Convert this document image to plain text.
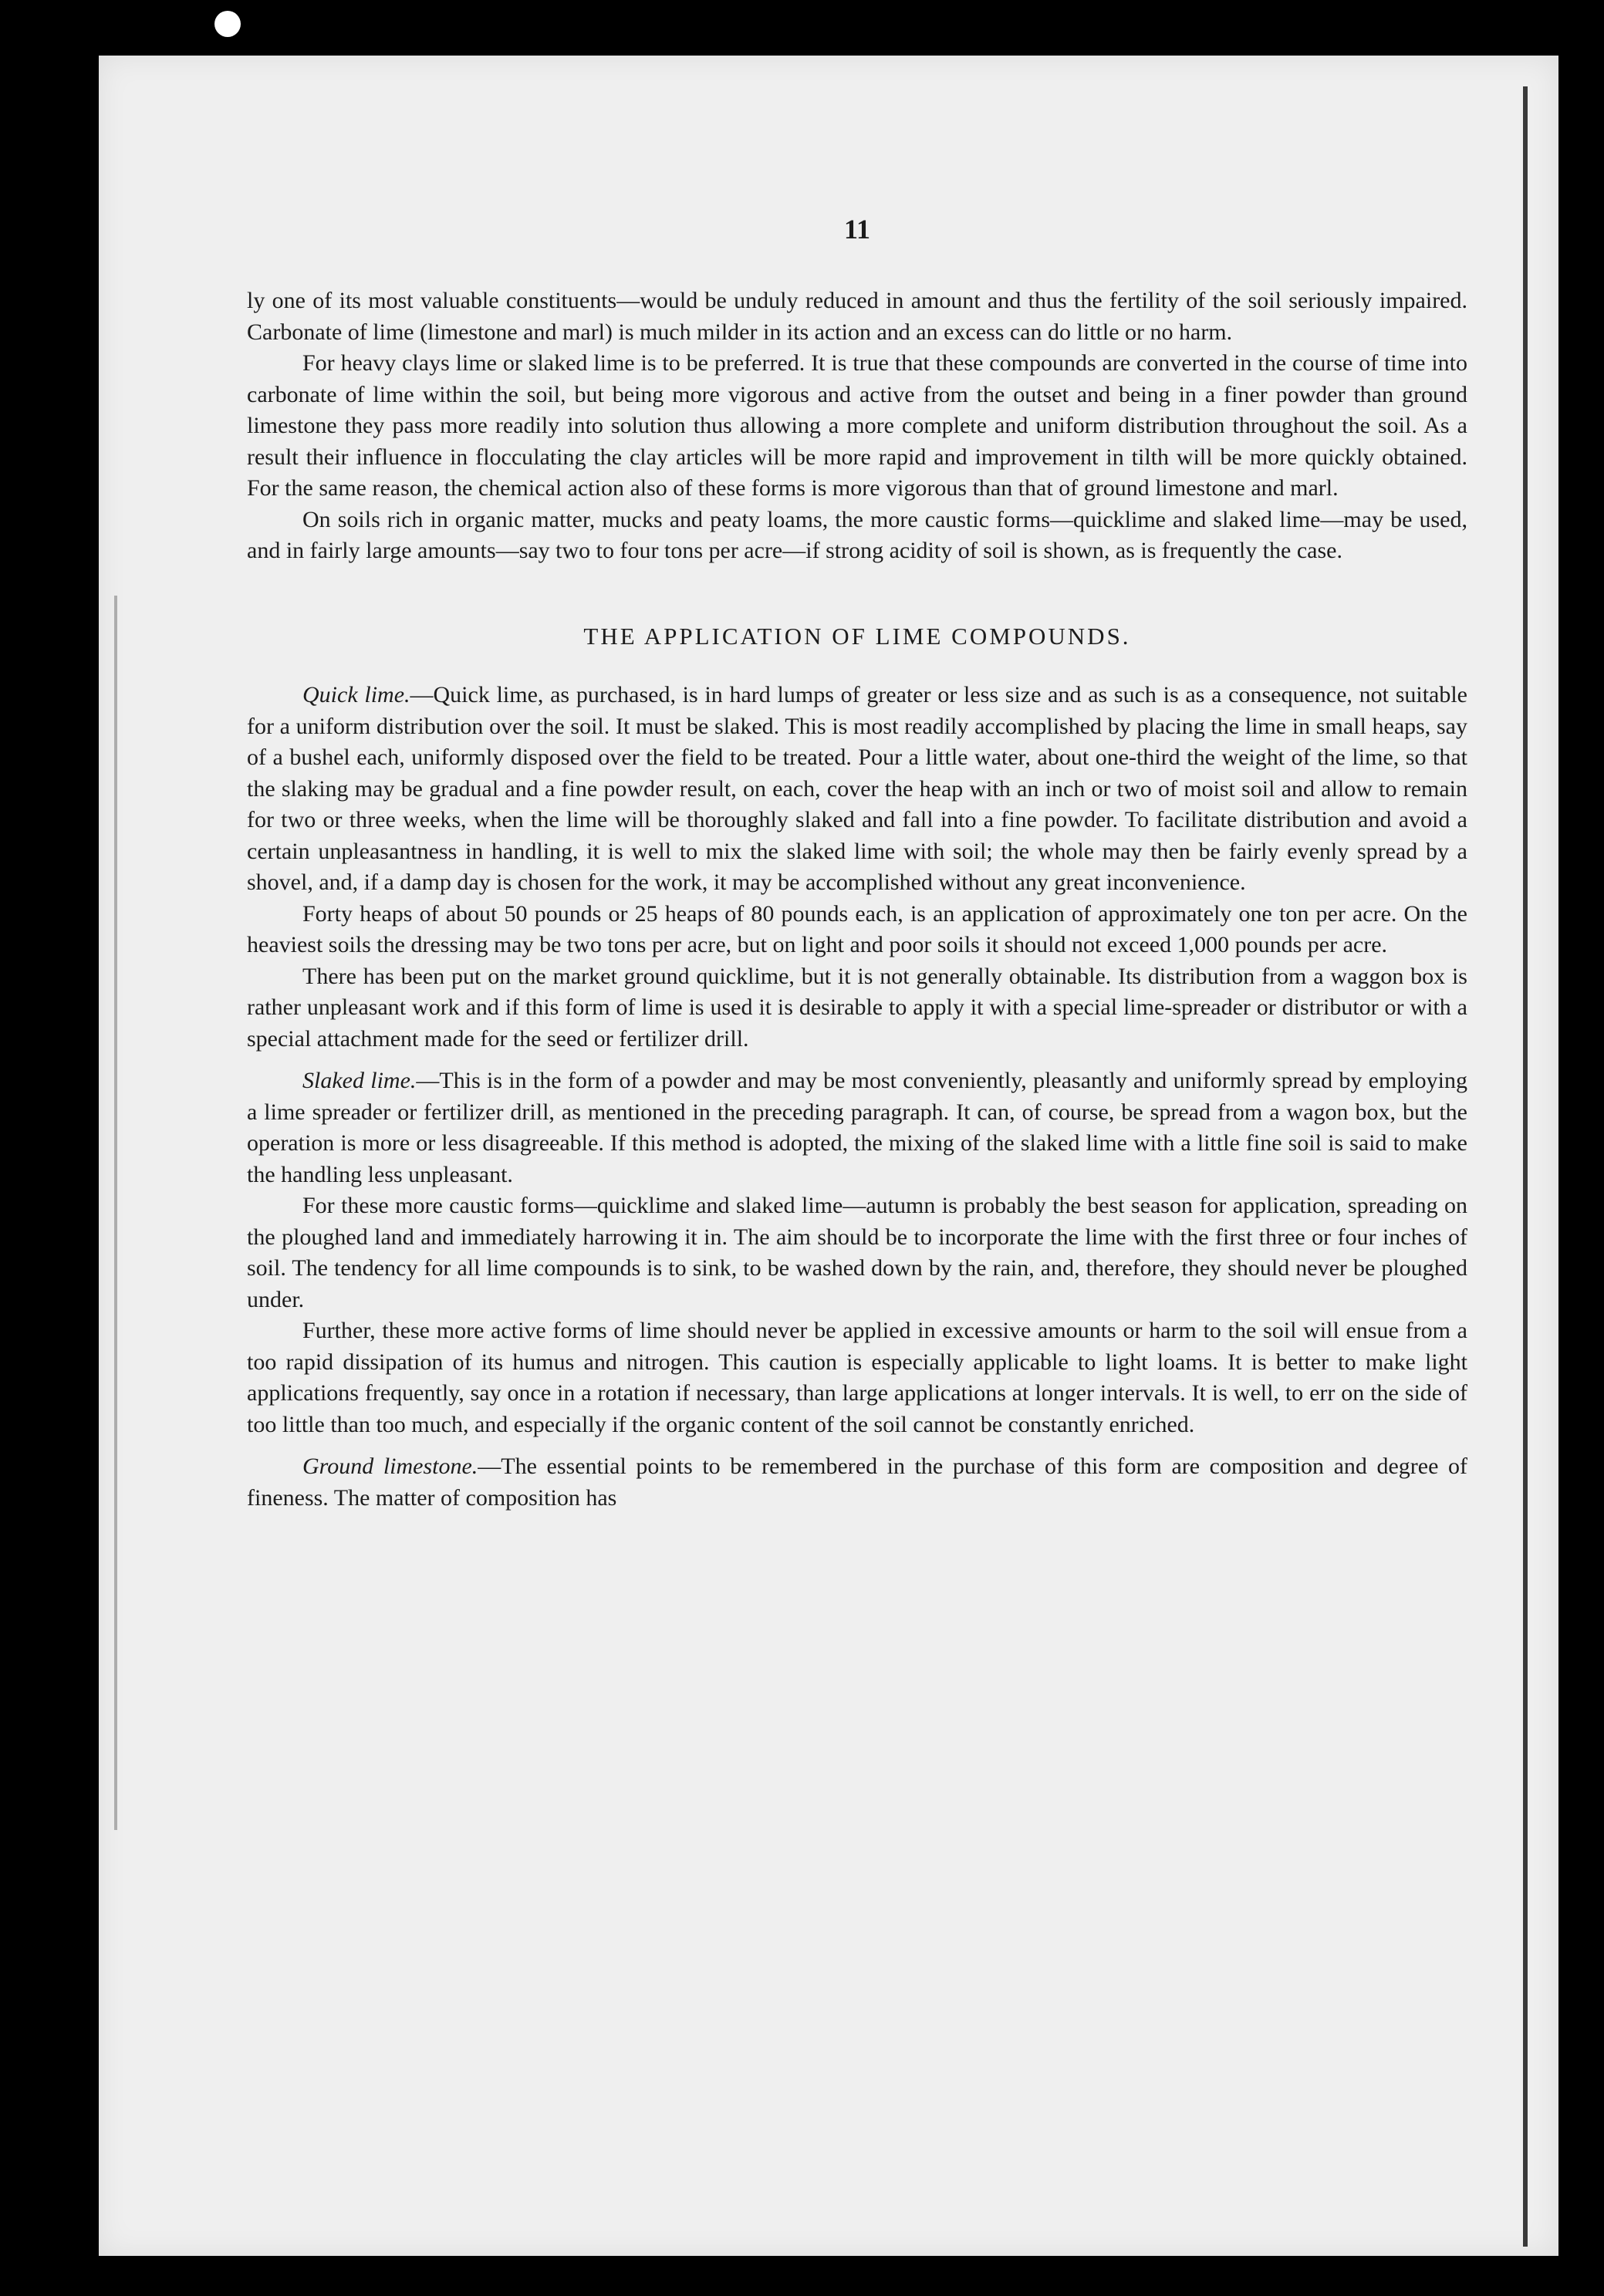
11

ly one of its most valuable constituents—would be unduly reduced in amount and thus the fertility of the soil seriously impaired. Carbonate of lime (limestone and marl) is much milder in its action and an excess can do little or no harm.

For heavy clays lime or slaked lime is to be preferred. It is true that these compounds are converted in the course of time into carbonate of lime within the soil, but being more vigorous and active from the outset and being in a finer powder than ground limestone they pass more readily into solution thus allowing a more complete and uniform distribution throughout the soil. As a result their influence in flocculating the clay articles will be more rapid and improvement in tilth will be more quickly obtained. For the same reason, the chemical action also of these forms is more vigorous than that of ground limestone and marl.

On soils rich in organic matter, mucks and peaty loams, the more caustic forms—quicklime and slaked lime—may be used, and in fairly large amounts—say two to four tons per acre—if strong acidity of soil is shown, as is frequently the case.

THE APPLICATION OF LIME COMPOUNDS.

Quick lime.—Quick lime, as purchased, is in hard lumps of greater or less size and as such is as a consequence, not suitable for a uniform distribution over the soil. It must be slaked. This is most readily accomplished by placing the lime in small heaps, say of a bushel each, uniformly disposed over the field to be treated. Pour a little water, about one-third the weight of the lime, so that the slaking may be gradual and a fine powder result, on each, cover the heap with an inch or two of moist soil and allow to remain for two or three weeks, when the lime will be thoroughly slaked and fall into a fine powder. To facilitate distribution and avoid a certain unpleasantness in handling, it is well to mix the slaked lime with soil; the whole may then be fairly evenly spread by a shovel, and, if a damp day is chosen for the work, it may be accomplished without any great inconvenience.

Forty heaps of about 50 pounds or 25 heaps of 80 pounds each, is an application of approximately one ton per acre. On the heaviest soils the dressing may be two tons per acre, but on light and poor soils it should not exceed 1,000 pounds per acre.

There has been put on the market ground quicklime, but it is not generally obtainable. Its distribution from a waggon box is rather unpleasant work and if this form of lime is used it is desirable to apply it with a special lime-spreader or distributor or with a special attachment made for the seed or fertilizer drill.

Slaked lime.—This is in the form of a powder and may be most conveniently, pleasantly and uniformly spread by employing a lime spreader or fertilizer drill, as mentioned in the preceding paragraph. It can, of course, be spread from a wagon box, but the operation is more or less disagreeable. If this method is adopted, the mixing of the slaked lime with a little fine soil is said to make the handling less unpleasant.

For these more caustic forms—quicklime and slaked lime—autumn is probably the best season for application, spreading on the ploughed land and immediately harrowing it in. The aim should be to incorporate the lime with the first three or four inches of soil. The tendency for all lime compounds is to sink, to be washed down by the rain, and, therefore, they should never be ploughed under.

Further, these more active forms of lime should never be applied in excessive amounts or harm to the soil will ensue from a too rapid dissipation of its humus and nitrogen. This caution is especially applicable to light loams. It is better to make light applications frequently, say once in a rotation if necessary, than large applications at longer intervals. It is well, to err on the side of too little than too much, and especially if the organic content of the soil cannot be constantly enriched.

Ground limestone.—The essential points to be remembered in the purchase of this form are composition and degree of fineness. The matter of composition has
